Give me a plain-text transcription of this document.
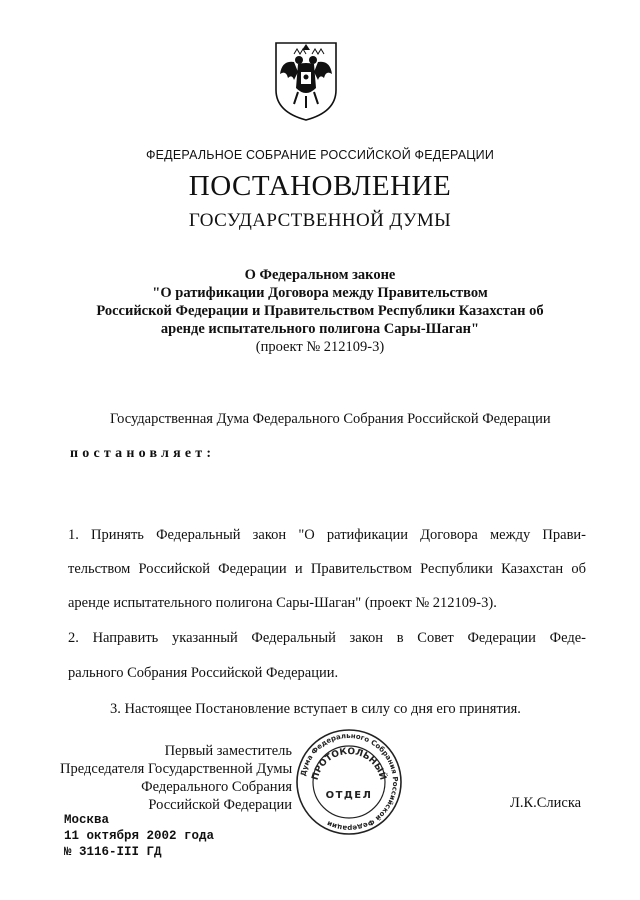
ФЕДЕРАЛЬНОЕ СОБРАНИЕ РОССИЙСКОЙ ФЕДЕРАЦИИ
ПОСТАНОВЛЕНИЕ
ГОСУДАРСТВЕННОЙ ДУМЫ
О Федеральном законе
"О ратификации Договора между Правительством
Российской Федерации и Правительством Республики Казахстан об
аренде испытательного полигона Сары-Шаган"
(проект № 212109-3)
Государственная Дума Федерального Собрания Российской Федерации
постановляет:
1. Принять Федеральный закон "О ратификации Договора между Прави-
тельством Российской Федерации и Правительством Республики Казахстан об
аренде испытательного полигона Сары-Шаган" (проект № 212109-3).
2. Направить указанный Федеральный закон в Совет Федерации Феде-
рального Собрания Российской Федерации.
3. Настоящее Постановление вступает в силу со дня его принятия.
Первый заместитель
Председателя Государственной Думы
Федерального Собрания
Российской Федерации
Дума Федерального Собрания Российской Федерации
ПРОТОКОЛЬНЫЙ
ОТДЕЛ	Л.К.Слиска
Москва
11 октября 2002 года
№ 3116-III ГД
